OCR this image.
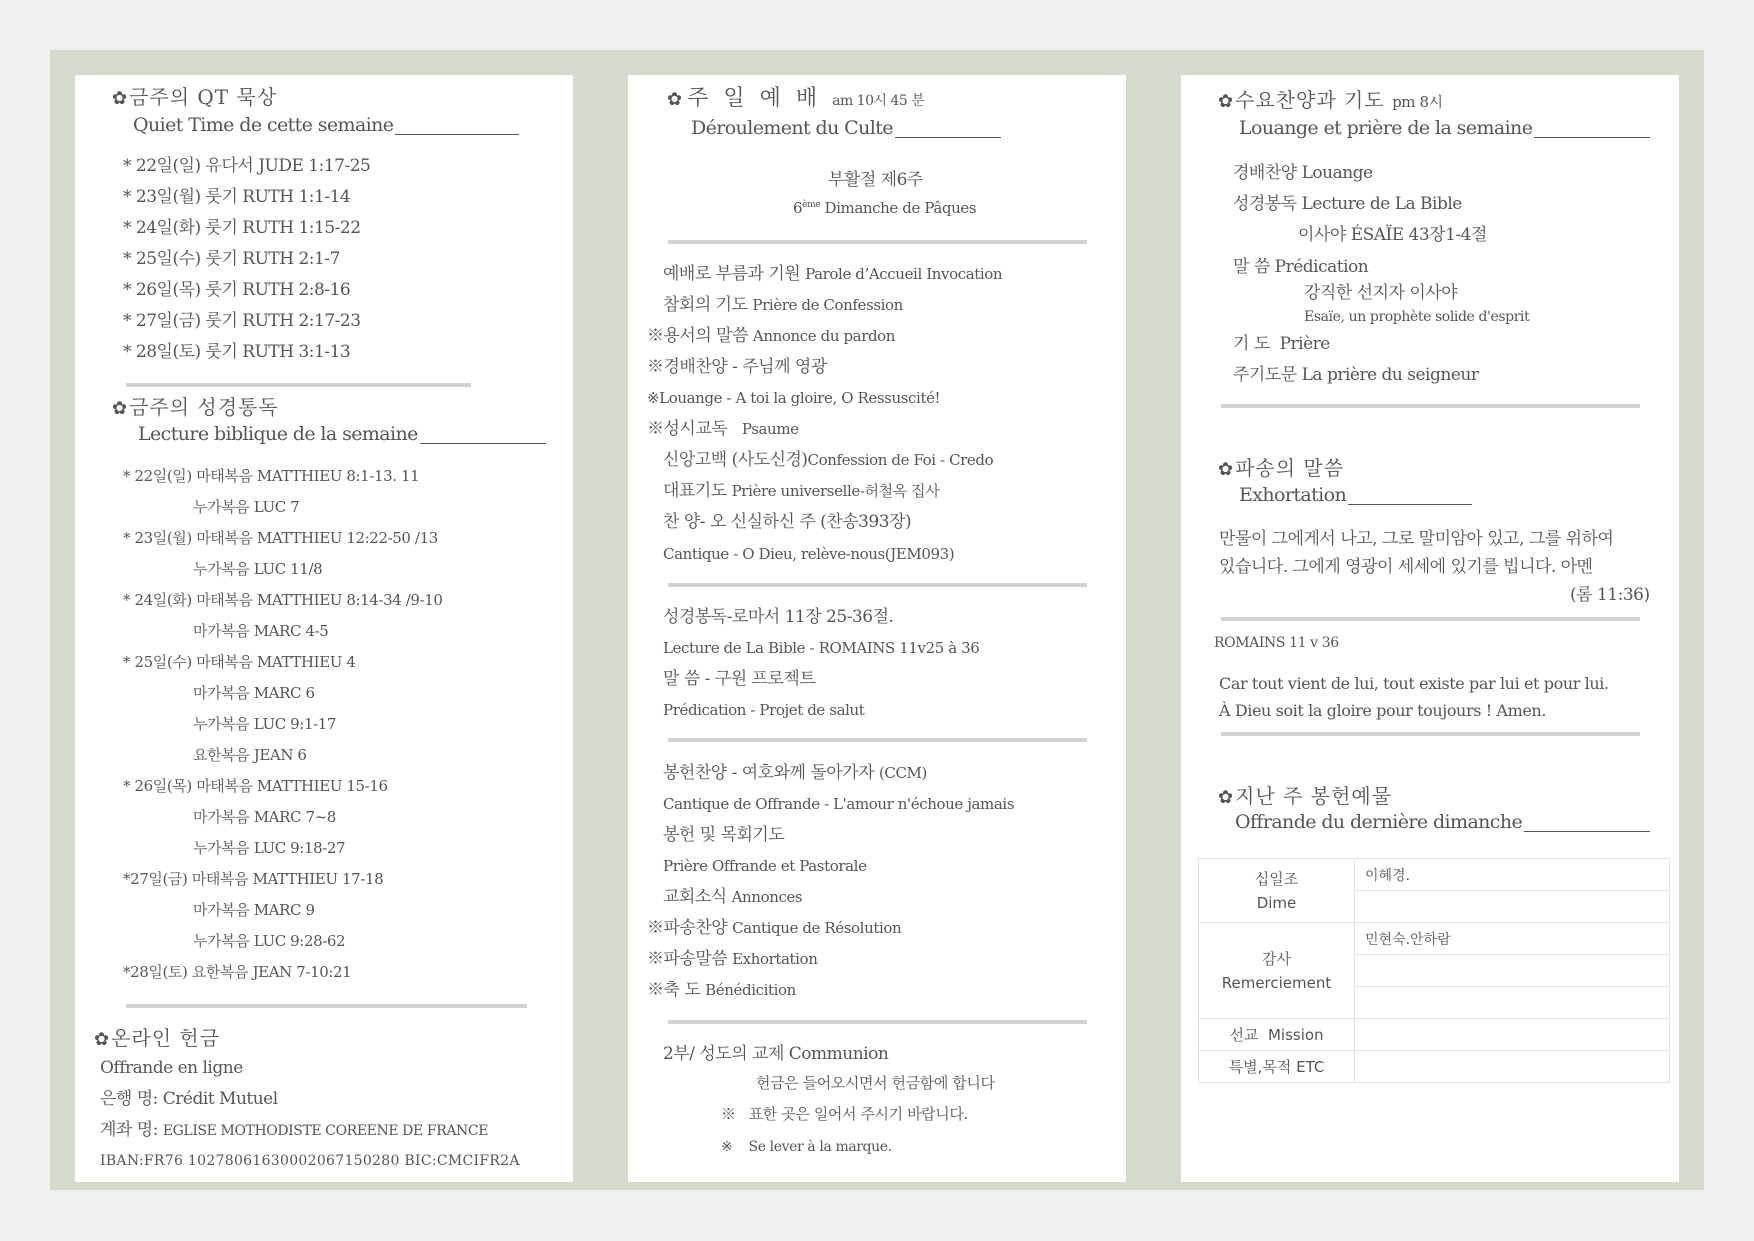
✿금주의 QT 묵상
Quiet Time de cette semaine
* 22일(일) 유다서 JUDE 1:17-25
* 23일(월) 룻기 RUTH 1:1-14
* 24일(화) 룻기 RUTH 1:15-22
* 25일(수) 룻기 RUTH 2:1-7
* 26일(목) 룻기 RUTH 2:8-16
* 27일(금) 룻기 RUTH 2:17-23
* 28일(토) 룻기 RUTH 3:1-13
✿금주의 성경통독
Lecture biblique de la semaine
* 22일(일) 마태복음 MATTHIEU 8:1-13. 11
누가복음 LUC 7
* 23일(월) 마태복음 MATTHIEU 12:22-50 /13
누가복음 LUC 11/8
* 24일(화) 마태복음 MATTHIEU 8:14-34 /9-10
마가복음 MARC 4-5
* 25일(수) 마태복음 MATTHIEU 4
마가복음 MARC 6
누가복음 LUC 9:1-17
요한복음 JEAN 6
* 26일(목) 마태복음 MATTHIEU 15-16
마가복음 MARC 7~8
누가복음 LUC 9:18-27
*27일(금) 마태복음 MATTHIEU 17-18
마가복음 MARC 9
누가복음 LUC 9:28-62
*28일(토) 요한복음 JEAN 7-10:21
✿온라인 헌금
Offrande en ligne
은행 명: Crédit Mutuel
계좌 명: EGLISE MOTHODISTE COREENE DE FRANCE
IBAN:FR76 10278061630002067150280 BIC:CMCIFR2A
✿주 일 예 배 am 10시 45 분
Déroulement du Culte
부활절 제6주
6ème Dimanche de Pâques
예배로 부름과 기원 Parole d’Accueil Invocation
참회의 기도 Prière de Confession
※용서의 말씀 Annonce du pardon
※경배찬양 - 주님께 영광
※Louange - A toi la gloire, O Ressuscité!
※성시교독 Psaume
신앙고백 (사도신경)Confession de Foi - Credo
대표기도 Prière universelle-허철옥 집사
찬 양- 오 신실하신 주 (찬송393장)
Cantique - O Dieu, relève-nous(JEM093)
성경봉독-로마서 11장 25-36절.
Lecture de La Bible - ROMAINS 11v25 à 36
말 씀 - 구원 프로젝트
Prédication - Projet de salut
봉헌찬양 - 여호와께 돌아가자 (CCM)
Cantique de Offrande - L'amour n'échoue jamais
봉헌 및 목회기도
Prière Offrande et Pastorale
교회소식 Annonces
※파송찬양 Cantique de Résolution
※파송말씀 Exhortation
※축 도 Bénédicition
2부/ 성도의 교제 Communion
헌금은 들어오시면서 헌금함에 합니다
※ 표한 곳은 일어서 주시기 바랍니다.
※ Se lever à la marque.
✿수요찬양과 기도 pm 8시
Louange et prière de la semaine
경배찬양 Louange
성경봉독 Lecture de La Bible
이사야 ÉSAÏE 43장1-4절
말 씀 Prédication
강직한 선지자 이사야
Esaïe, un prophète solide d'esprit
기 도 Prière
주기도문 La prière du seigneur
✿파송의 말씀
Exhortation
만물이 그에게서 나고, 그로 말미암아 있고, 그를 위하여
있습니다. 그에게 영광이 세세에 있기를 빕니다. 아멘
(롬 11:36)
ROMAINS 11 v 36
Car tout vient de lui, tout existe par lui et pour lui.
À Dieu soit la gloire pour toujours ! Amen.
✿지난 주 봉헌예물
Offrande du dernière dimanche
십일조
Dime	이혜경.

감사
Remerciement	민현숙.안하람

선교 Mission	
특별,목적 ETC	
